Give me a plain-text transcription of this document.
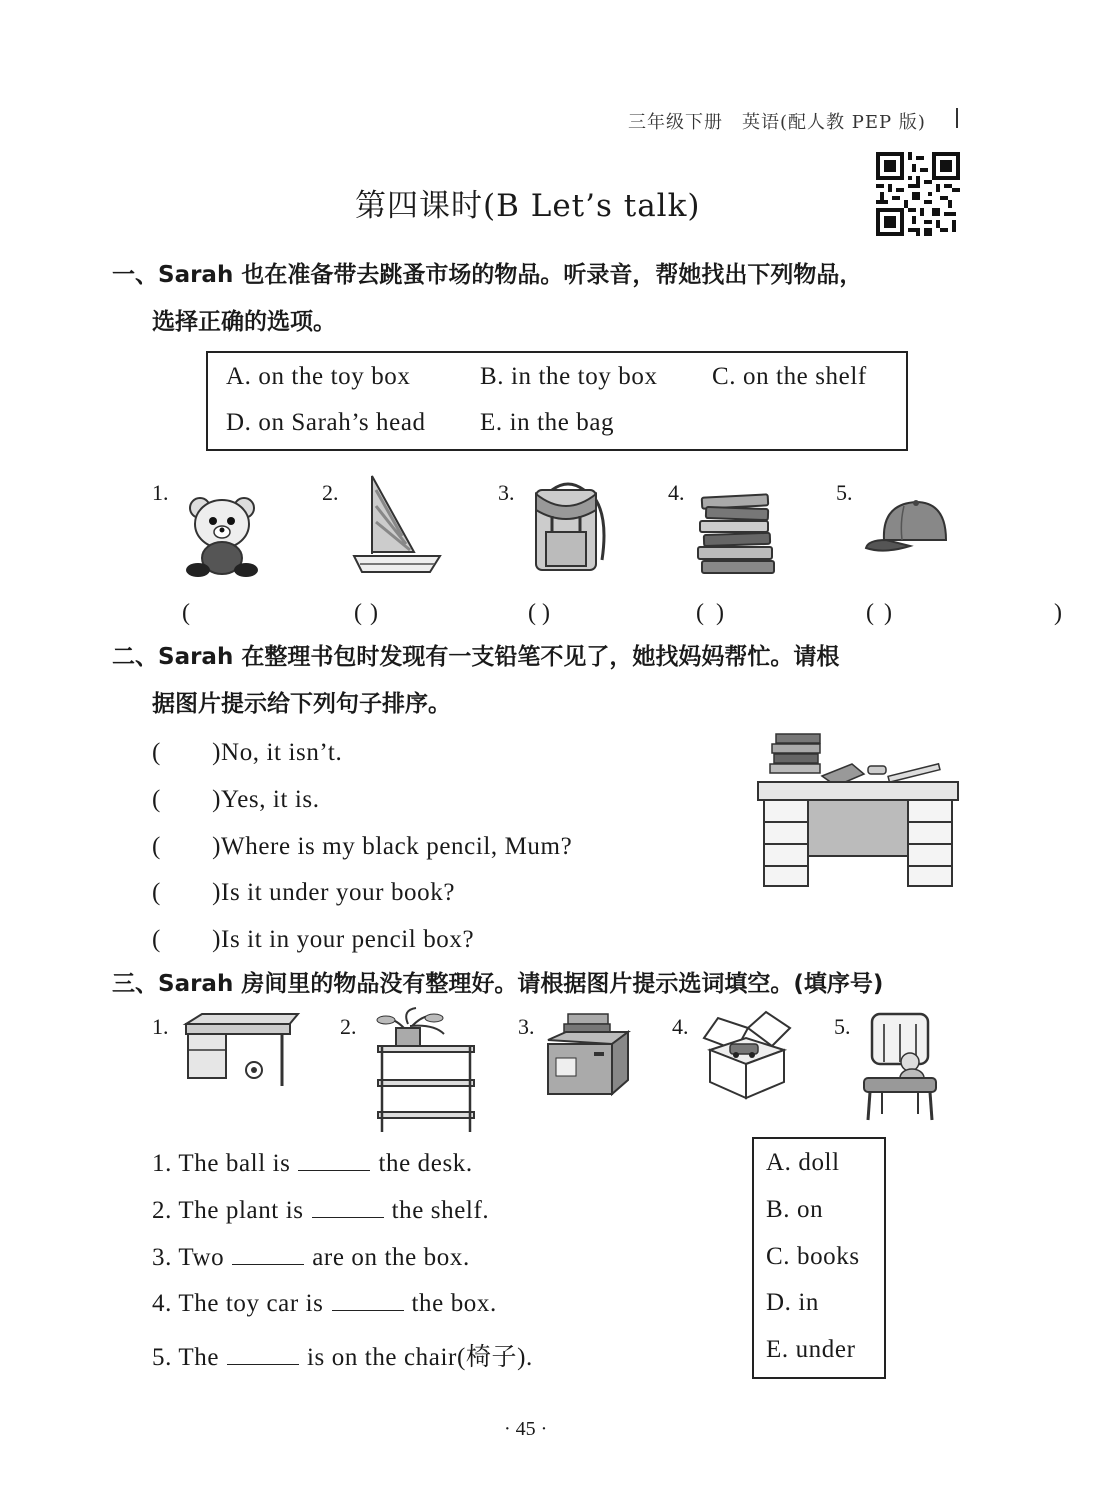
三年级下册　英语(配人教 PEP 版)
第四课时(B Let’s talk)
一、Sarah 也在准备带去跳蚤市场的物品。听录音，帮她找出下列物品，
选择正确的选项。
A. on the toy box	B. in the toy box C. on the shelf
D. on Sarah’s head E. in the bag
1.
(　　)
2.
(　　)
3.
(　　)
4.
(　　)
5.
(　　)
二、Sarah 在整理书包时发现有一支铅笔不见了，她找妈妈帮忙。请根
据图片提示给下列句子排序。
(　　)No, it isn’t.
(　　)Yes, it is.
(　　)Where is my black pencil, Mum?
(　　)Is it under your book?
(　　)Is it in your pencil box?
三、Sarah 房间里的物品没有整理好。请根据图片提示选词填空。(填序号)
1.	2.	3.	4.	5.
1. The ball is	the desk.
2. The plant is	the shelf.
3. Two	are on the box.
4. The toy car is	the box.
5. The	is on the chair(椅子).
A. doll
B. on
C. books
D. in
E. under
· 45 ·
